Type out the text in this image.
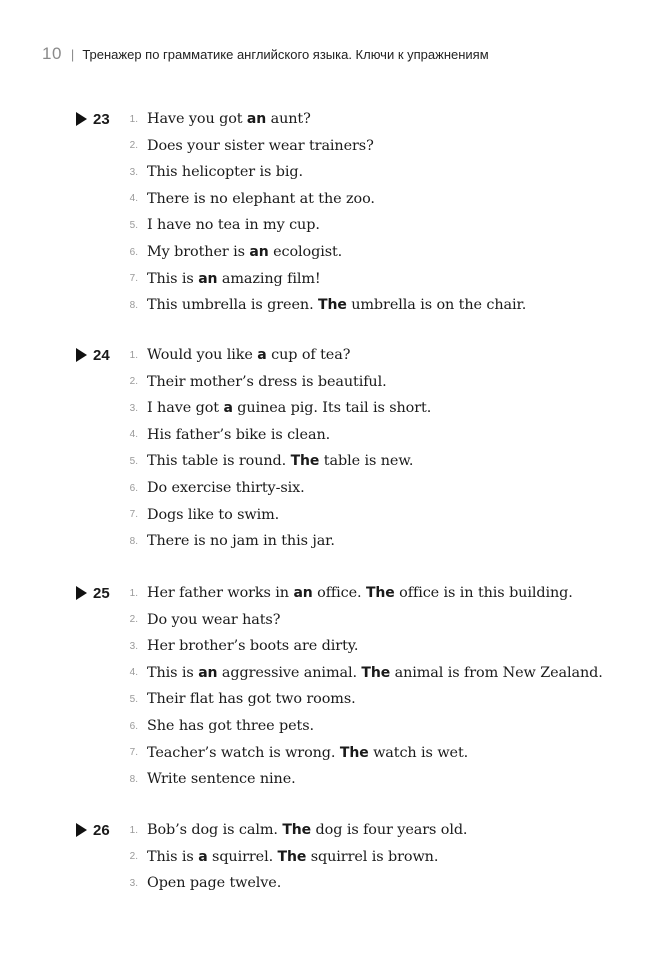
10 | Тренажер по грамматике английского языка. Ключи к упражнениям
23	1. Have you got an aunt?
2. Does your sister wear trainers?
3. This helicopter is big.
4. There is no elephant at the zoo.
5. I have no tea in my cup.
6. My brother is an ecologist.
7. This is an amazing film!
8. This umbrella is green. The umbrella is on the chair.
24	1. Would you like a cup of tea?
2. Their mother’s dress is beautiful.
3. I have got a guinea pig. Its tail is short.
4. His father’s bike is clean.
5. This table is round. The table is new.
6. Do exercise thirty-six.
7. Dogs like to swim.
8. There is no jam in this jar.
25	1. Her father works in an office. The office is in this building.
2. Do you wear hats?
3. Her brother’s boots are dirty.
4. This is an aggressive animal. The animal is from New Zealand.
5. Their flat has got two rooms.
6. She has got three pets.
7. Teacher’s watch is wrong. The watch is wet.
8. Write sentence nine.
26	1. Bob’s dog is calm. The dog is four years old.
2. This is a squirrel. The squirrel is brown.
3. Open page twelve.
